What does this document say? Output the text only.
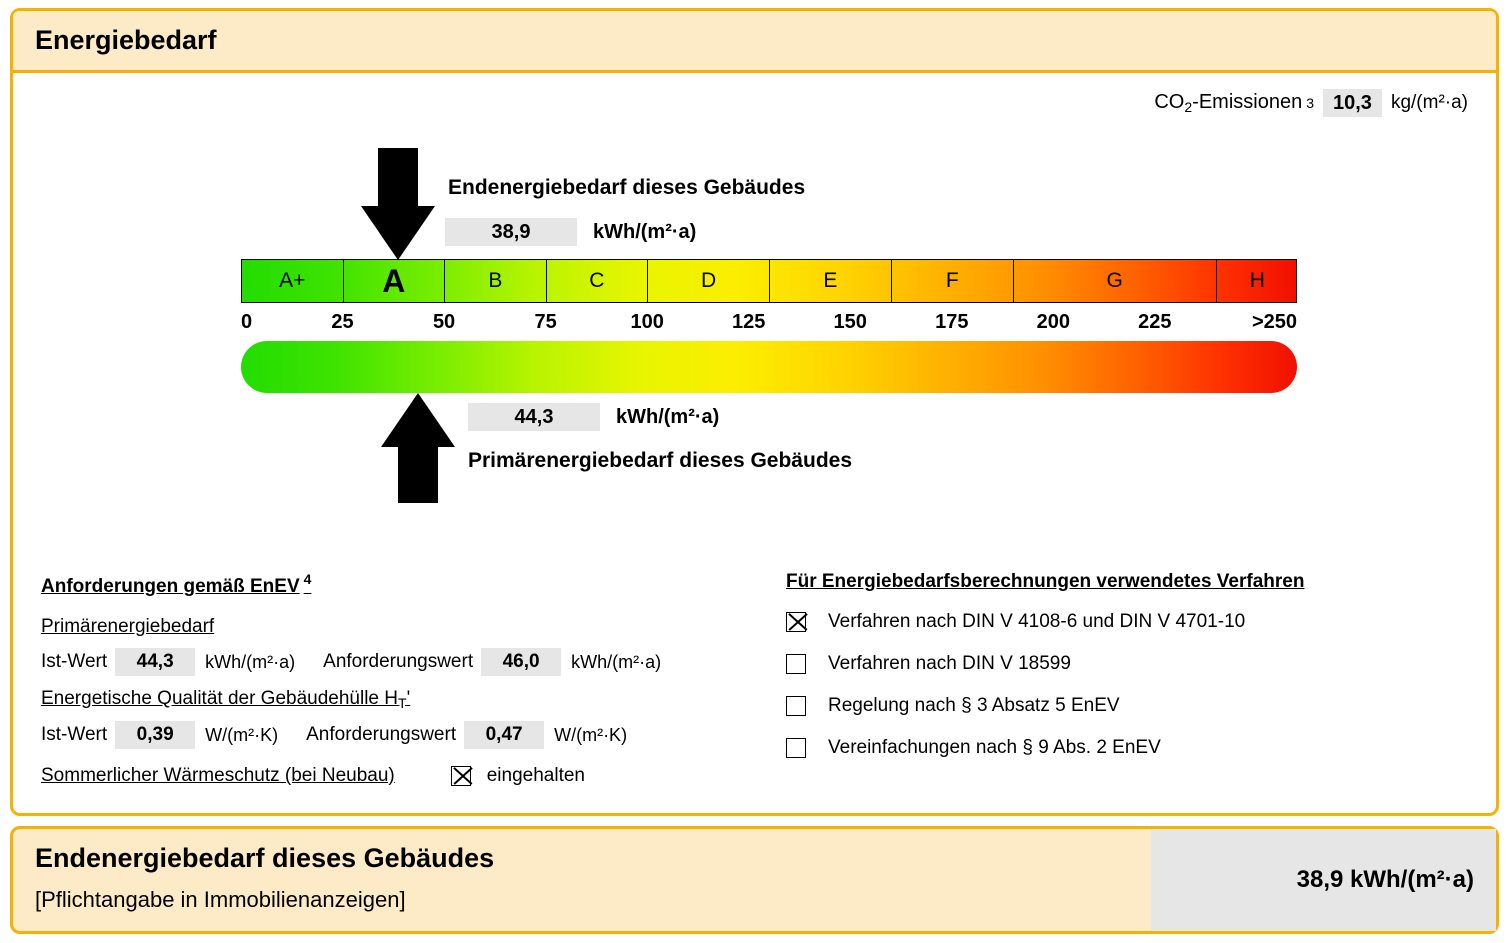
Energiebedarf
$CO_2$-Emissionen 3 10,3	kg/(m²·a)
Endenergiebedarf dieses Gebäudes
38,9	kWh/(m²·a)
A+	A	B	C	D	E	F	G	H
0	25	50	75	100	125	150	175	200	225	>250
44,3	kWh/(m²·a)
Primärenergiebedarf dieses Gebäudes
Anforderungen gemäß EnEV $^4$
Primärenergiebedarf
Ist-Wert	44,3	kWh/(m²·a) Anforderungswert	46,0	kWh/(m²·a)
Energetische Qualität der Gebäudehülle $H_T'$
Ist-Wert	0,39	W/(m²·K) Anforderungswert	0,47	W/(m²·K)
Sommerlicher Wärmeschutz (bei Neubau)	eingehalten
Für Energiebedarfsberechnungen verwendetes Verfahren
Verfahren nach DIN V 4108-6 und DIN V 4701-10
Verfahren nach DIN V 18599
Regelung nach § 3 Absatz 5 EnEV
Vereinfachungen nach § 9 Abs. 2 EnEV
Endenergiebedarf dieses Gebäudes
[Pflichtangabe in Immobilienanzeigen]
38,9 kWh/(m²·a)
